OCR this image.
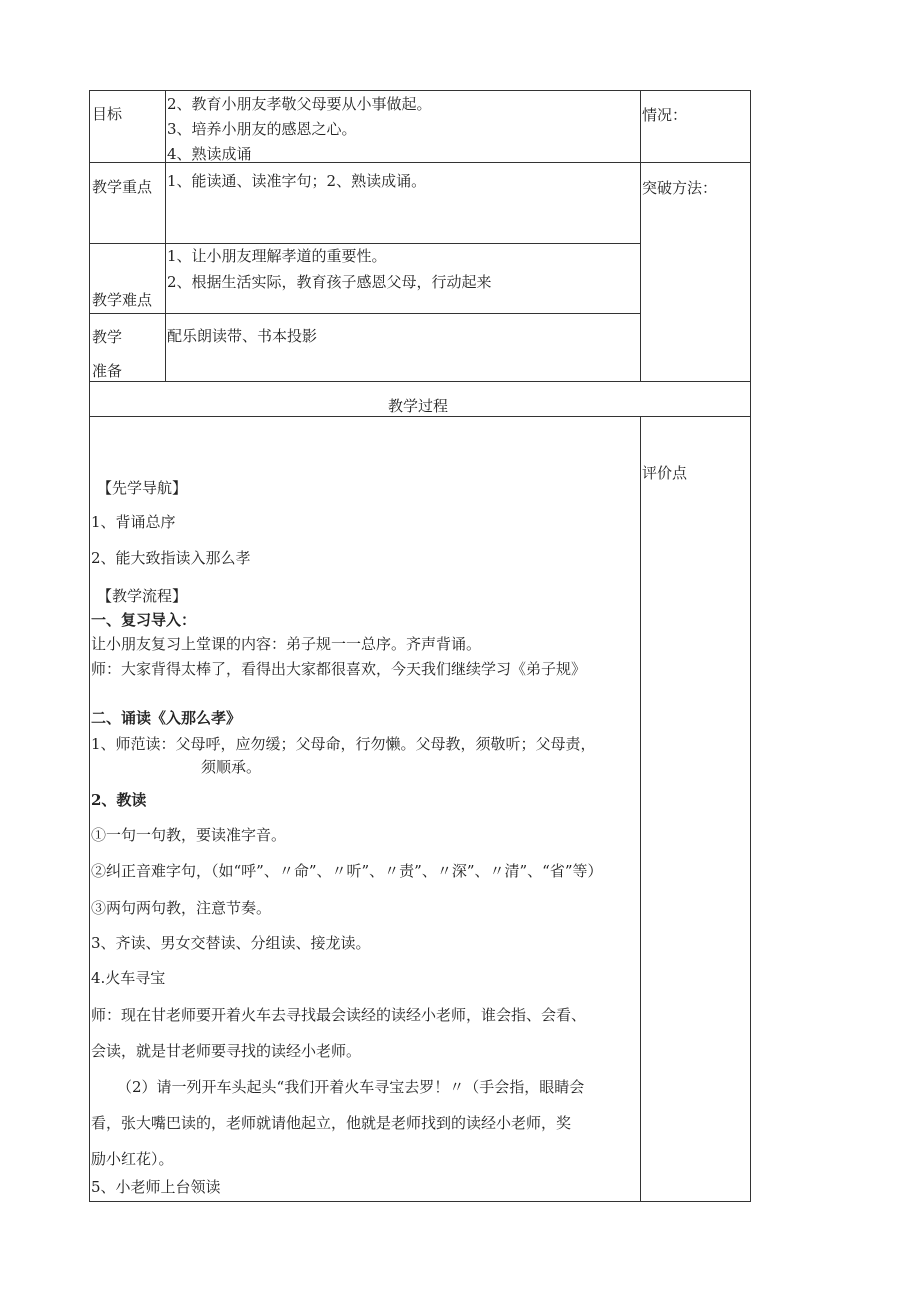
目标
2、教育小朋友孝敬父母要从小事做起。
3、培养小朋友的感恩之心。
4、熟读成诵
情况：
教学重点 1、能读通、读准字句；2、熟读成诵。	突破方法：
教学难点
1、让小朋友理解孝道的重要性。
2、根据生活实际，教育孩子感恩父母，行动起来
教学
准备
配乐朗读带、书本投影
教学过程
评价点
【先学导航】
1、背诵总序
2、能大致指读入那么孝
【教学流程】
一、复习导入：
让小朋友复习上堂课的内容：弟子规一一总序。齐声背诵。
师：大家背得太棒了，看得出大家都很喜欢，今天我们继续学习《弟子规》
二、诵读《入那么孝》
1、师范读：父母呼，应勿缓；父母命，行勿懒。父母教，须敬听；父母责，
须顺承。
2、教读
①一句一句教，要读准字音。
②纠正音难字句，（如“呼”、〃命”、〃听”、〃责”、〃深”、〃清”、“省”等）
③两句两句教，注意节奏。
3、齐读、男女交替读、分组读、接龙读。
4.火车寻宝
师：现在甘老师要开着火车去寻找最会读经的读经小老师，谁会指、会看、
会读，就是甘老师要寻找的读经小老师。
（2）请一列开车头起头“我们开着火车寻宝去罗！〃（手会指，眼睛会
看，张大嘴巴读的，老师就请他起立，他就是老师找到的读经小老师，奖
励小红花）。
5、小老师上台领读
